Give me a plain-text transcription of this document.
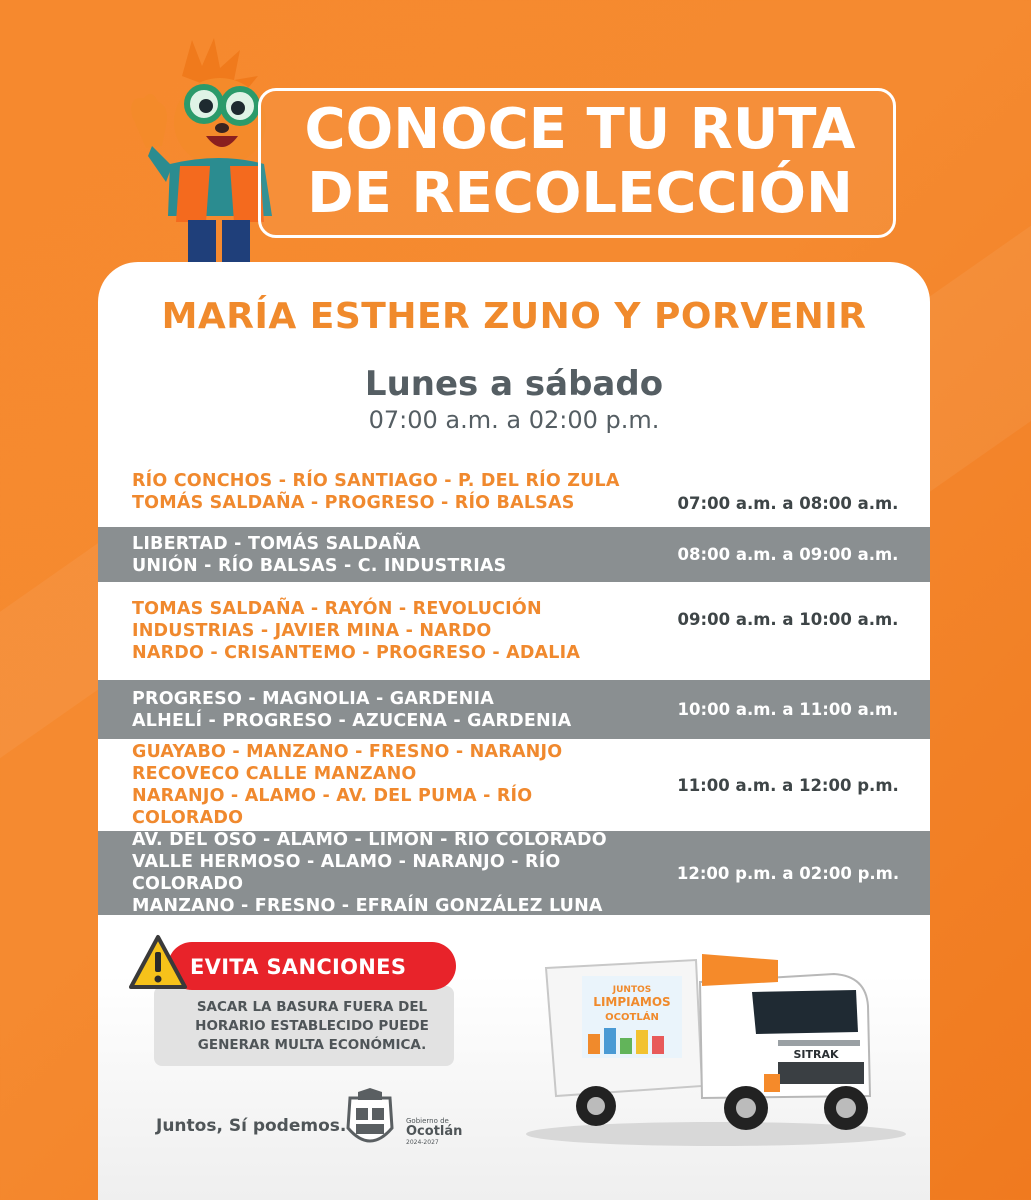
CONOCE TU RUTA
DE RECOLECCIÓN
MARÍA ESTHER ZUNO Y PORVENIR
Lunes a sábado
07:00 a.m. a 02:00 p.m.
RÍO CONCHOS - RÍO SANTIAGO - P. DEL RÍO ZULA
TOMÁS SALDAÑA - PROGRESO - RÍO BALSAS	07:00 a.m. a 08:00 a.m.
LIBERTAD - TOMÁS SALDAÑA
UNIÓN - RÍO BALSAS - C. INDUSTRIAS
08:00 a.m. a 09:00 a.m.
TOMAS SALDAÑA - RAYÓN - REVOLUCIÓN
INDUSTRIAS - JAVIER MINA - NARDO
NARDO - CRISANTEMO - PROGRESO - ADALIA
09:00 a.m. a 10:00 a.m.
PROGRESO - MAGNOLIA - GARDENIA
ALHELÍ - PROGRESO - AZUCENA - GARDENIA
10:00 a.m. a 11:00 a.m.
GUAYABO - MANZANO - FRESNO - NARANJO
RECOVECO CALLE MANZANO
NARANJO - ALAMO - AV. DEL PUMA - RÍO COLORADO
11:00 a.m. a 12:00 p.m.
AV. DEL OSO - ALAMO - LIMÓN - RÍO COLORADO
VALLE HERMOSO - ALAMO - NARANJO - RÍO COLORADO
MANZANO - FRESNO - EFRAÍN GONZÁLEZ LUNA
12:00 p.m. a 02:00 p.m.
SACAR LA BASURA FUERA DEL
HORARIO ESTABLECIDO PUEDE
GENERAR MULTA ECONÓMICA.
EVITA SANCIONES
Juntos, Sí podemos.	Gobierno de
Ocotlán
2024-2027
JUNTOS
LIMPIAMOS
OCOTLÁN
SITRAK
